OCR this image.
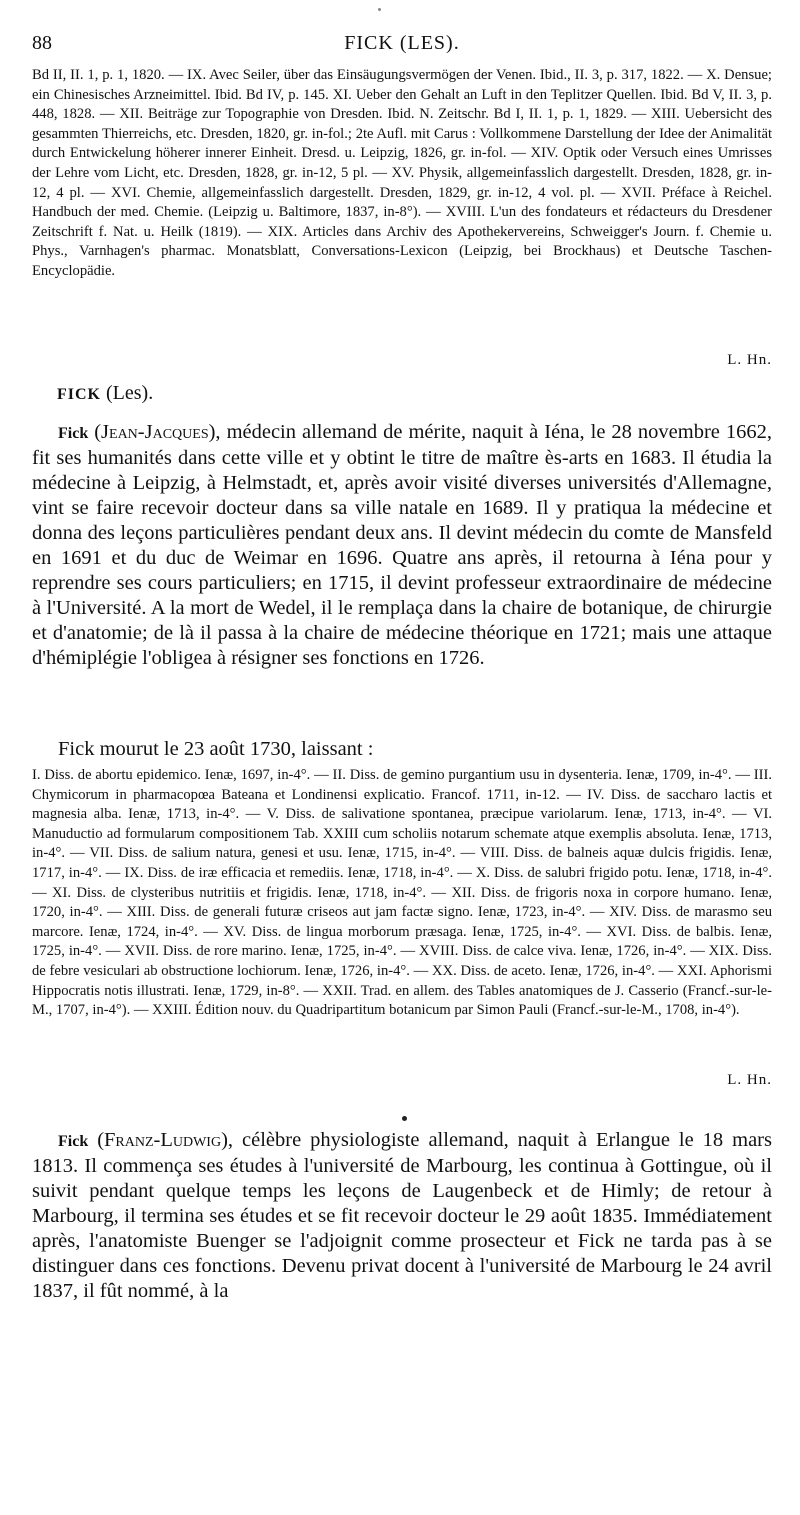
88	FICK (LES).
Bd II, II. 1, p. 1, 1820. — IX. Avec Seiler, über das Einsäugungsvermögen der Venen. Ibid., II. 3, p. 317, 1822. — X. Densue; ein Chinesisches Arzneimittel. Ibid. Bd IV, p. 145. XI. Ueber den Gehalt an Luft in den Teplitzer Quellen. Ibid. Bd V, II. 3, p. 448, 1828. — XII. Beiträge zur Topographie von Dresden. Ibid. N. Zeitschr. Bd I, II. 1, p. 1, 1829. — XIII. Uebersicht des gesammten Thierreichs, etc. Dresden, 1820, gr. in-fol.; 2te Aufl. mit Carus : Vollkommene Darstellung der Idee der Animalität durch Entwickelung höherer innerer Einheit. Dresd. u. Leipzig, 1826, gr. in-fol. — XIV. Optik oder Versuch eines Umrisses der Lehre vom Licht, etc. Dresden, 1828, gr. in-12, 5 pl. — XV. Physik, allgemeinfasslich dargestellt. Dresden, 1828, gr. in-12, 4 pl. — XVI. Chemie, allgemeinfasslich dargestellt. Dresden, 1829, gr. in-12, 4 vol. pl. — XVII. Préface à Reichel. Handbuch der med. Chemie. (Leipzig u. Baltimore, 1837, in-8°). — XVIII. L'un des fondateurs et rédacteurs du Dresdener Zeitschrift f. Nat. u. Heilk (1819). — XIX. Articles dans Archiv des Apothekervereins, Schweigger's Journ. f. Chemie u. Phys., Varnhagen's pharmac. Monatsblatt, Conversations-Lexicon (Leipzig, bei Brockhaus) et Deutsche Taschen-Encyclopädie.
L. Hn.
FICK (Les).
Fick (Jean-Jacques), médecin allemand de mérite, naquit à Iéna, le 28 novembre 1662, fit ses humanités dans cette ville et y obtint le titre de maître ès-arts en 1683. Il étudia la médecine à Leipzig, à Helmstadt, et, après avoir visité diverses universités d'Allemagne, vint se faire recevoir docteur dans sa ville natale en 1689. Il y pratiqua la médecine et donna des leçons particulières pendant deux ans. Il devint médecin du comte de Mansfeld en 1691 et du duc de Weimar en 1696. Quatre ans après, il retourna à Iéna pour y reprendre ses cours particuliers; en 1715, il devint professeur extraordinaire de médecine à l'Université. A la mort de Wedel, il le remplaça dans la chaire de botanique, de chirurgie et d'anatomie; de là il passa à la chaire de médecine théorique en 1721; mais une attaque d'hémiplégie l'obligea à résigner ses fonctions en 1726.
Fick mourut le 23 août 1730, laissant :
I. Diss. de abortu epidemico. Ienæ, 1697, in-4°. — II. Diss. de gemino purgantium usu in dysenteria. Ienæ, 1709, in-4°. — III. Chymicorum in pharmacopœa Bateana et Londinensi explicatio. Francof. 1711, in-12. — IV. Diss. de saccharo lactis et magnesia alba. Ienæ, 1713, in-4°. — V. Diss. de salivatione spontanea, præcipue variolarum. Ienæ, 1713, in-4°. — VI. Manuductio ad formularum compositionem Tab. XXIII cum scholiis notarum schemate atque exemplis absoluta. Ienæ, 1713, in-4°. — VII. Diss. de salium natura, genesi et usu. Ienæ, 1715, in-4°. — VIII. Diss. de balneis aquæ dulcis frigidis. Ienæ, 1717, in-4°. — IX. Diss. de iræ efficacia et remediis. Ienæ, 1718, in-4°. — X. Diss. de salubri frigido potu. Ienæ, 1718, in-4°. — XI. Diss. de clysteribus nutritiis et frigidis. Ienæ, 1718, in-4°. — XII. Diss. de frigoris noxa in corpore humano. Ienæ, 1720, in-4°. — XIII. Diss. de generali futuræ criseos aut jam factæ signo. Ienæ, 1723, in-4°. — XIV. Diss. de marasmo seu marcore. Ienæ, 1724, in-4°. — XV. Diss. de lingua morborum præsaga. Ienæ, 1725, in-4°. — XVI. Diss. de balbis. Ienæ, 1725, in-4°. — XVII. Diss. de rore marino. Ienæ, 1725, in-4°. — XVIII. Diss. de calce viva. Ienæ, 1726, in-4°. — XIX. Diss. de febre vesiculari ab obstructione lochiorum. Ienæ, 1726, in-4°. — XX. Diss. de aceto. Ienæ, 1726, in-4°. — XXI. Aphorismi Hippocratis notis illustrati. Ienæ, 1729, in-8°. — XXII. Trad. en allem. des Tables anatomiques de J. Casserio (Francf.-sur-le-M., 1707, in-4°). — XXIII. Édition nouv. du Quadripartitum botanicum par Simon Pauli (Francf.-sur-le-M., 1708, in-4°).
L. Hn.
Fick (Franz-Ludwig), célèbre physiologiste allemand, naquit à Erlangue le 18 mars 1813. Il commença ses études à l'université de Marbourg, les continua à Gottingue, où il suivit pendant quelque temps les leçons de Laugenbeck et de Himly; de retour à Marbourg, il termina ses études et se fit recevoir docteur le 29 août 1835. Immédiatement après, l'anatomiste Buenger se l'adjoignit comme prosecteur et Fick ne tarda pas à se distinguer dans ces fonctions. Devenu privat docent à l'université de Marbourg le 24 avril 1837, il fût nommé, à la
